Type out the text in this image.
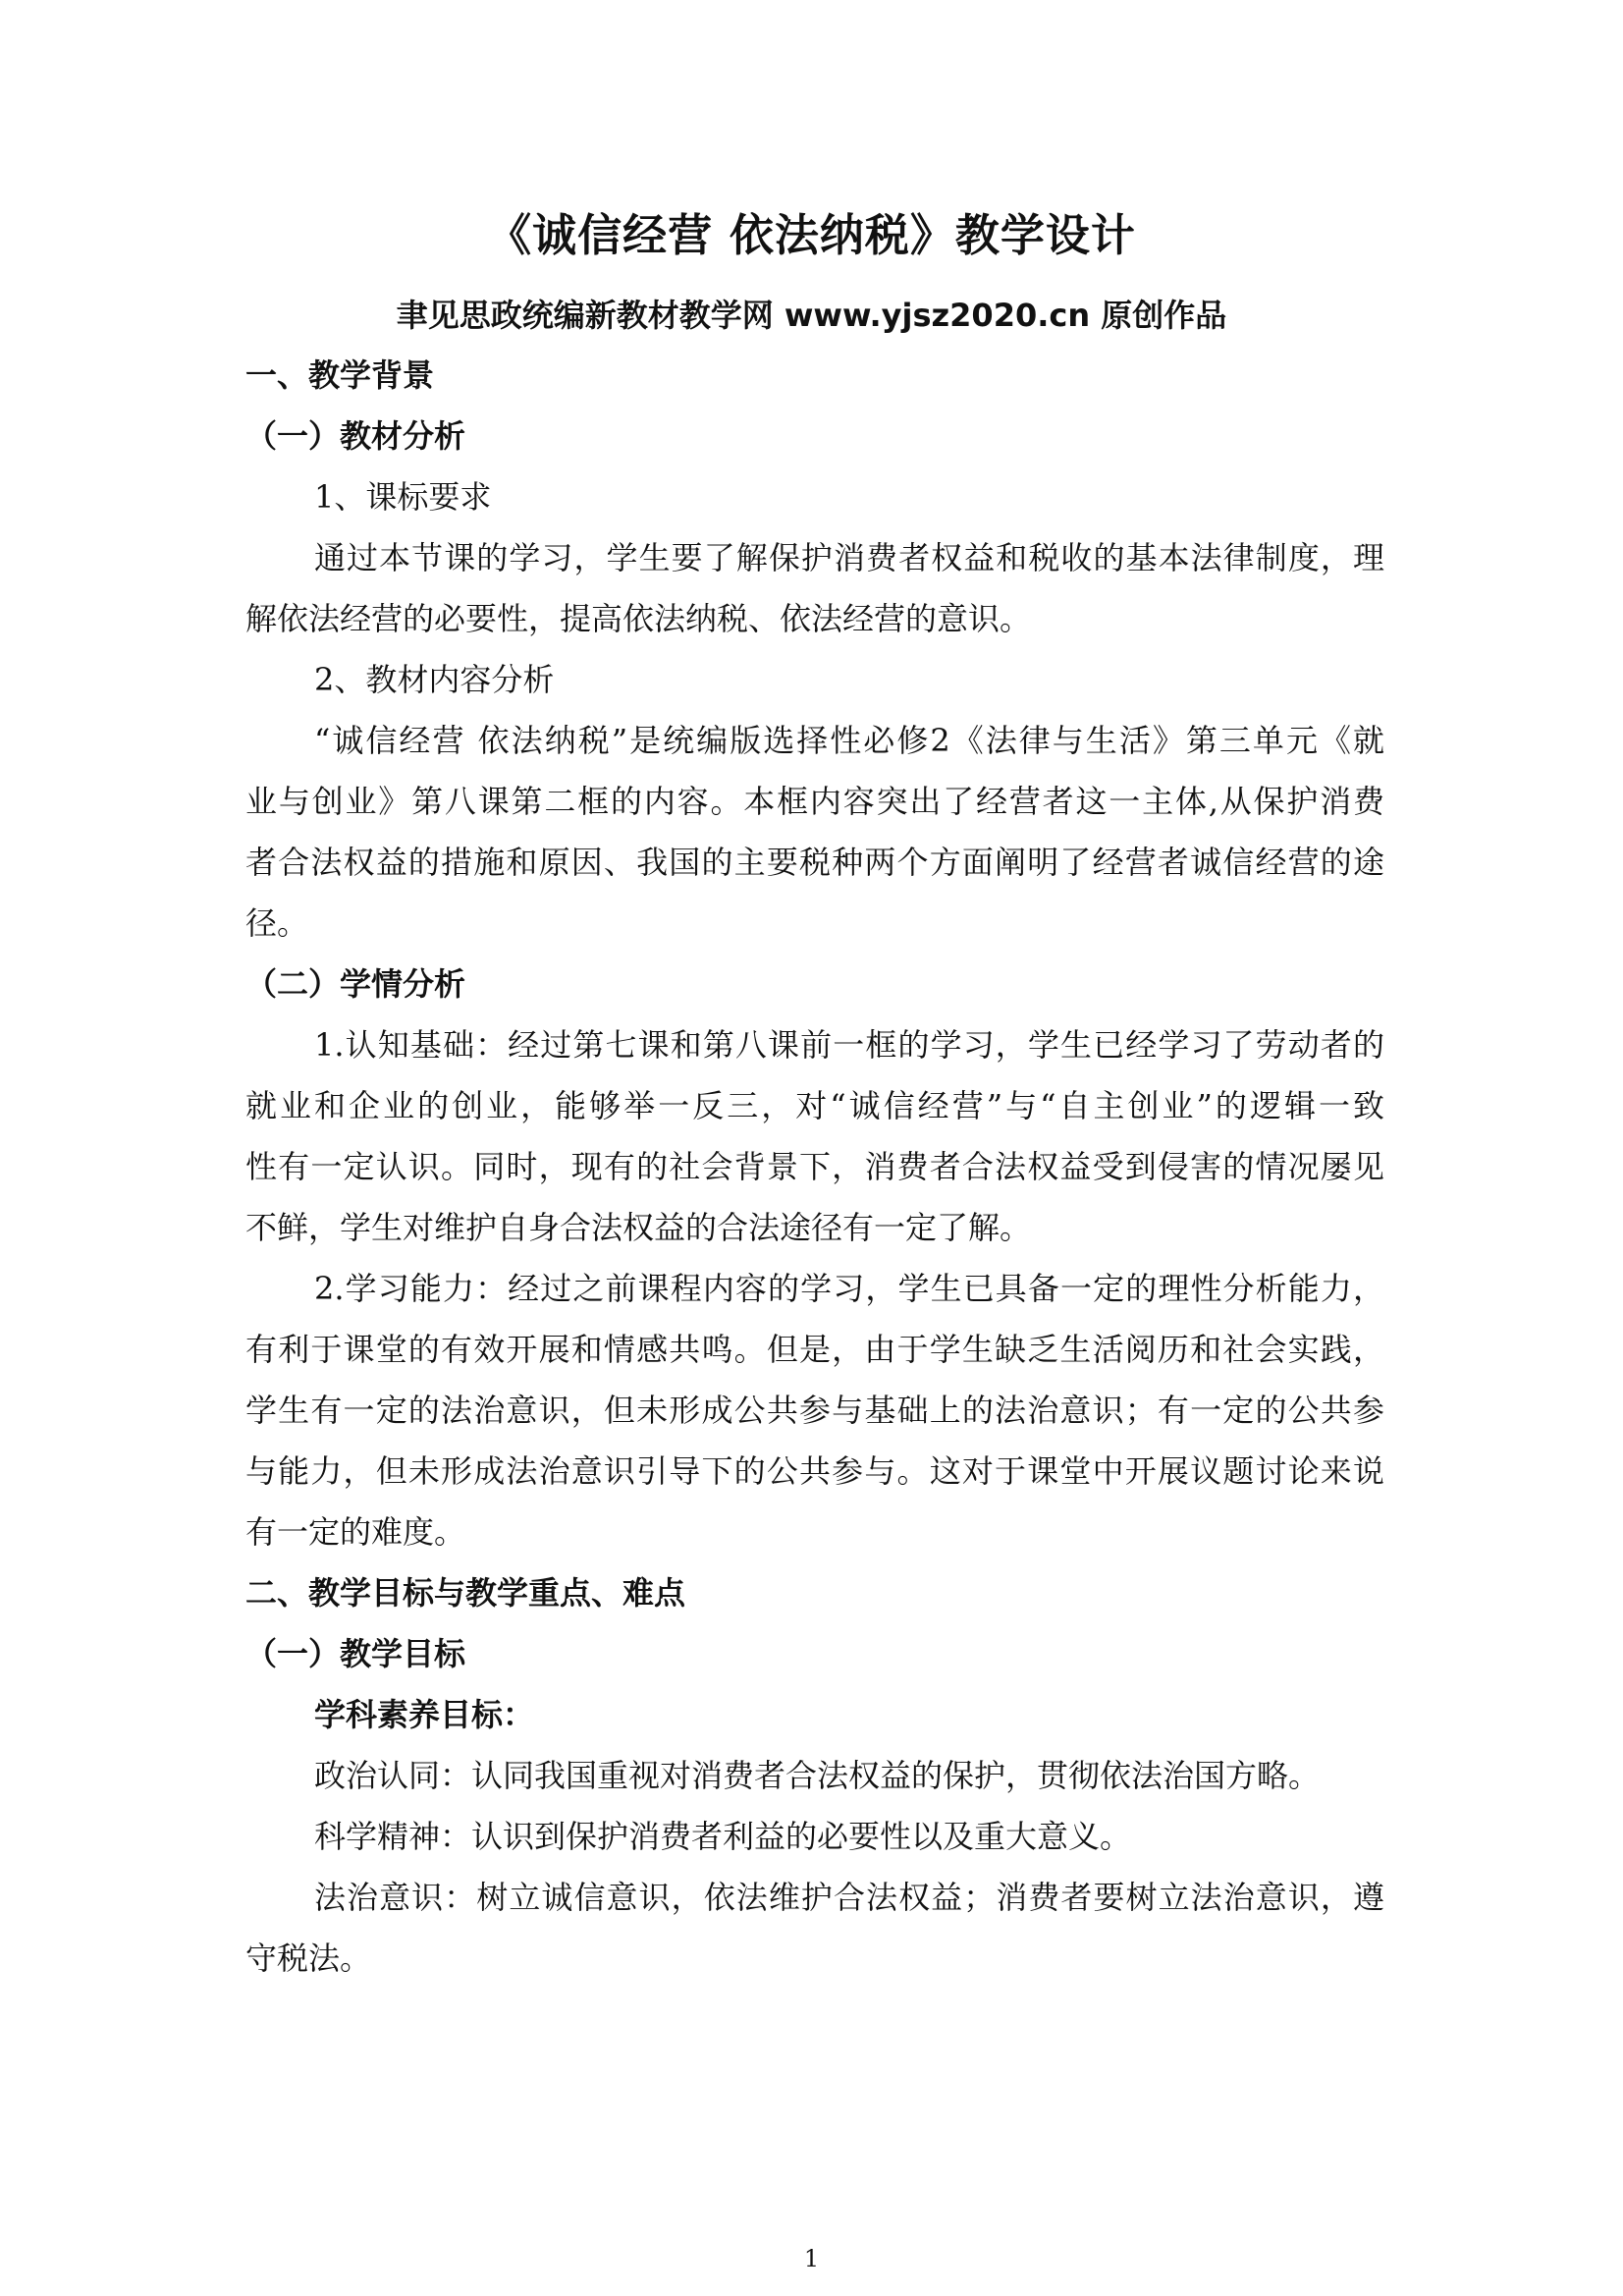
《诚信经营 依法纳税》教学设计
聿见思政统编新教材教学网 www.yjsz2020.cn 原创作品
一、教学背景
（一）教材分析
1、课标要求
通过本节课的学习，学生要了解保护消费者权益和税收的基本法律制度，理
解依法经营的必要性，提高依法纳税、依法经营的意识。
2、教材内容分析
“诚信经营 依法纳税”是统编版选择性必修2《法律与生活》第三单元《就
业与创业》第八课第二框的内容。本框内容突出了经营者这一主体,从保护消费
者合法权益的措施和原因、我国的主要税种两个方面阐明了经营者诚信经营的途
径。
（二）学情分析
1.认知基础：经过第七课和第八课前一框的学习，学生已经学习了劳动者的
就业和企业的创业，能够举一反三，对“诚信经营”与“自主创业”的逻辑一致
性有一定认识。同时，现有的社会背景下，消费者合法权益受到侵害的情况屡见
不鲜，学生对维护自身合法权益的合法途径有一定了解。
2.学习能力：经过之前课程内容的学习，学生已具备一定的理性分析能力，
有利于课堂的有效开展和情感共鸣。但是，由于学生缺乏生活阅历和社会实践，
学生有一定的法治意识，但未形成公共参与基础上的法治意识；有一定的公共参
与能力，但未形成法治意识引导下的公共参与。这对于课堂中开展议题讨论来说
有一定的难度。
二、教学目标与教学重点、难点
（一）教学目标
学科素养目标：
政治认同：认同我国重视对消费者合法权益的保护，贯彻依法治国方略。
科学精神：认识到保护消费者利益的必要性以及重大意义。
法治意识：树立诚信意识，依法维护合法权益；消费者要树立法治意识，遵
守税法。
1
